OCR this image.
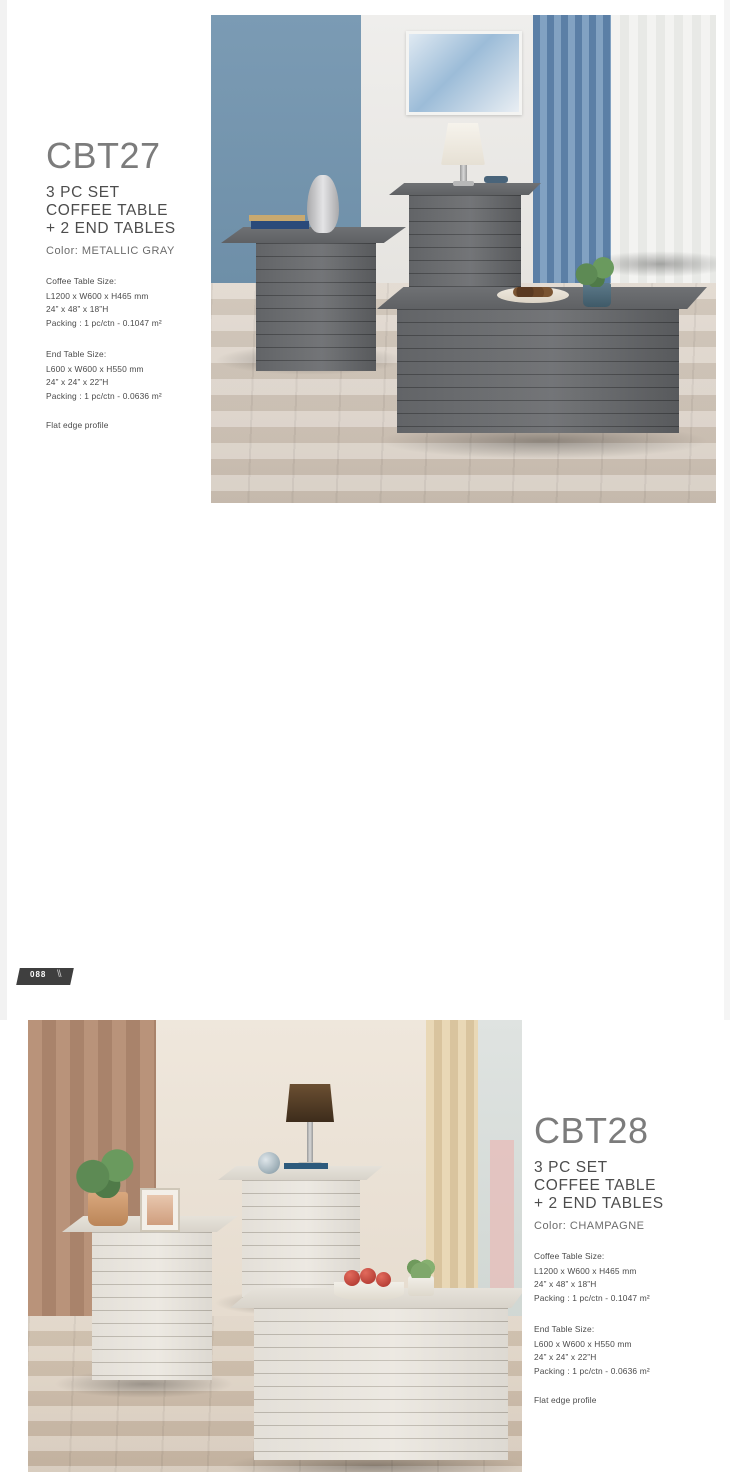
CBT27
3 PC SET
COFFEE TABLE
+ 2 END TABLES
Color: METALLIC GRAY
Coffee Table Size:
L1200 x W600 x H465 mm
24” x 48” x 18”H
Packing : 1 pc/ctn - 0.1047 m²
End Table Size:
L600 x W600 x H550 mm
24” x 24” x 22”H
Packing : 1 pc/ctn - 0.0636 m²
Flat edge profile
CBT28
3 PC SET
COFFEE TABLE
+ 2 END TABLES
Color: CHAMPAGNE
Coffee Table Size:
L1200 x W600 x H465 mm
24” x 48” x 18”H
Packing : 1 pc/ctn - 0.1047 m²
End Table Size:
L600 x W600 x H550 mm
24” x 24” x 22”H
Packing : 1 pc/ctn - 0.0636 m²
Flat edge profile
088 \\
